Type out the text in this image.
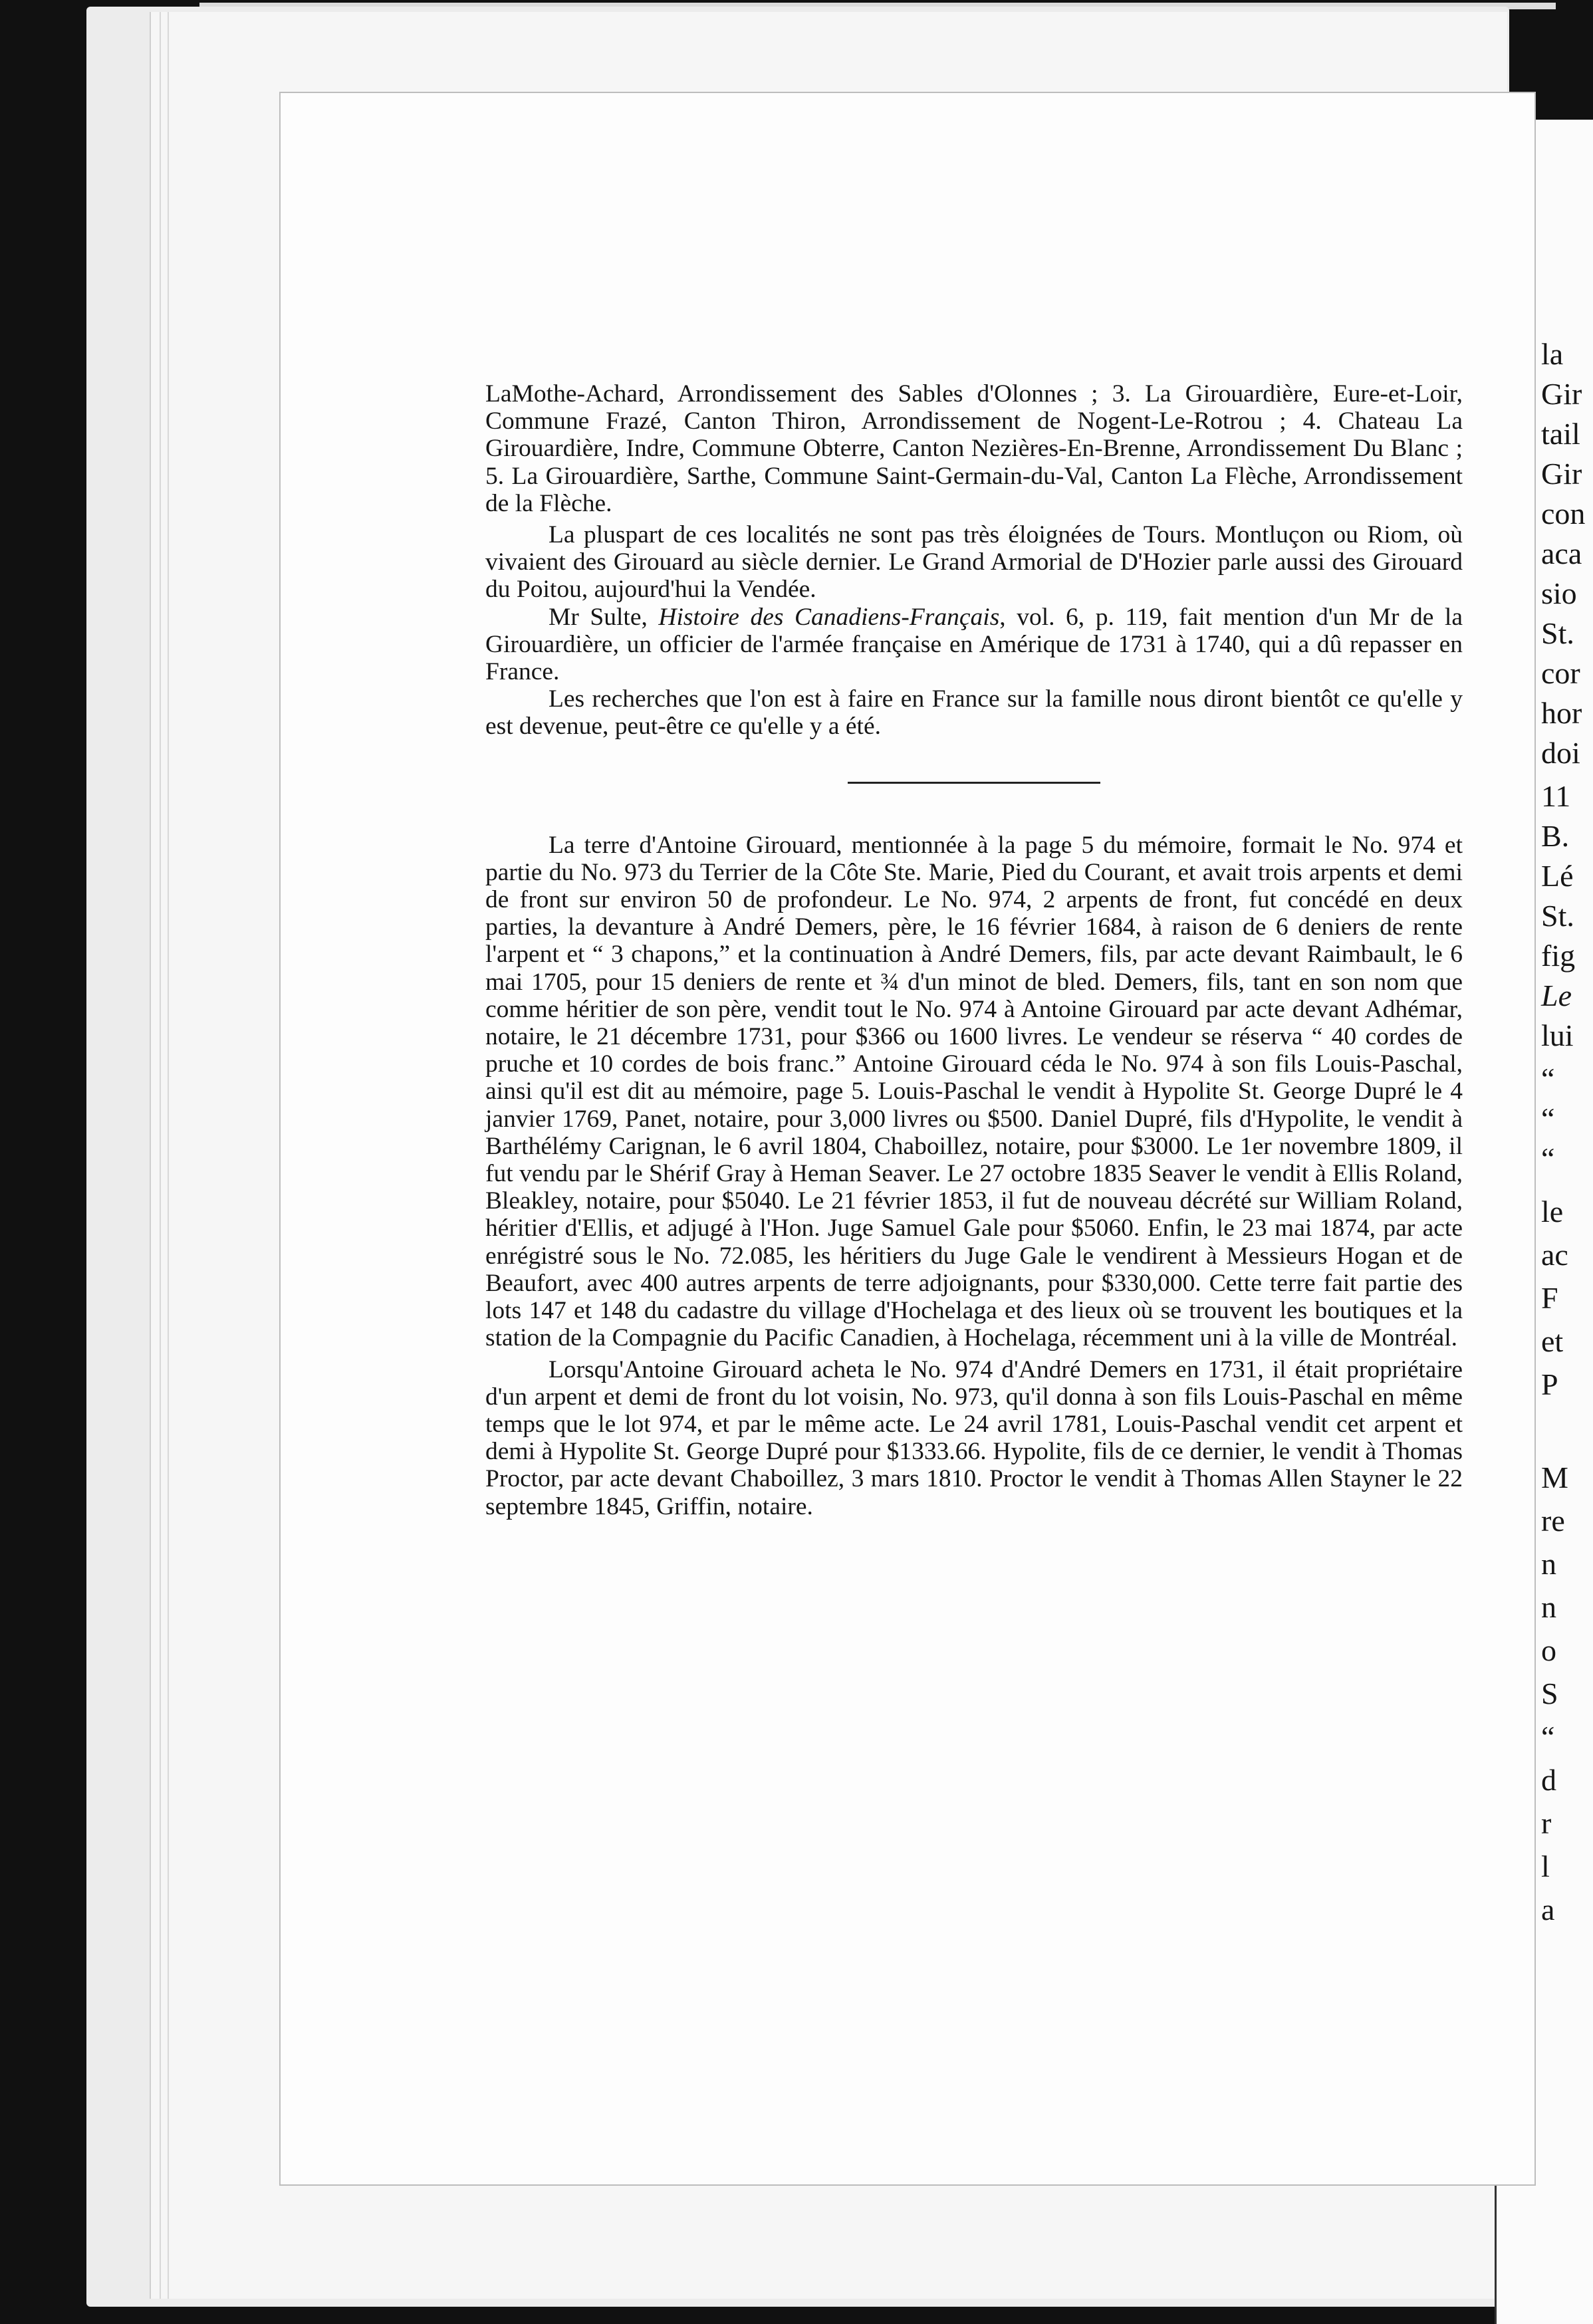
LaMothe-Achard, Arrondissement des Sables d'Olonnes ; 3. La Girouardière, Eure-et-Loir, Commune Frazé, Canton Thiron, Arrondissement de Nogent-Le-Rotrou ; 4. Chateau La Girouardière, Indre, Commune Obterre, Canton Nezières-En-Brenne, Arrondissement Du Blanc ; 5. La Girouardière, Sarthe, Commune Saint-Germain-du-Val, Canton La Flèche, Arrondissement de la Flèche.

La pluspart de ces localités ne sont pas très éloignées de Tours. Montluçon ou Riom, où vivaient des Girouard au siècle dernier. Le Grand Armorial de D'Hozier parle aussi des Girouard du Poitou, aujourd'hui la Vendée.

Mr Sulte, Histoire des Canadiens-Français, vol. 6, p. 119, fait mention d'un Mr de la Girouardière, un officier de l'armée française en Amérique de 1731 à 1740, qui a dû repasser en France.

Les recherches que l'on est à faire en France sur la famille nous diront bientôt ce qu'elle y est devenue, peut-être ce qu'elle y a été.

La terre d'Antoine Girouard, mentionnée à la page 5 du mémoire, formait le No. 974 et partie du No. 973 du Terrier de la Côte Ste. Marie, Pied du Courant, et avait trois arpents et demi de front sur environ 50 de profondeur. Le No. 974, 2 arpents de front, fut concédé en deux parties, la devanture à André Demers, père, le 16 février 1684, à raison de 6 deniers de rente l'arpent et “ 3 chapons,” et la continuation à André Demers, fils, par acte devant Raimbault, le 6 mai 1705, pour 15 deniers de rente et ¾ d'un minot de bled. Demers, fils, tant en son nom que comme héritier de son père, vendit tout le No. 974 à Antoine Girouard par acte devant Adhémar, notaire, le 21 décembre 1731, pour $366 ou 1600 livres. Le vendeur se réserva “ 40 cordes de pruche et 10 cordes de bois franc.” Antoine Girouard céda le No. 974 à son fils Louis-Paschal, ainsi qu'il est dit au mémoire, page 5. Louis-Paschal le vendit à Hypolite St. George Dupré le 4 janvier 1769, Panet, notaire, pour 3,000 livres ou $500. Daniel Dupré, fils d'Hypolite, le vendit à Barthélémy Carignan, le 6 avril 1804, Chaboillez, notaire, pour $3000. Le 1er novembre 1809, il fut vendu par le Shérif Gray à Heman Seaver. Le 27 octobre 1835 Seaver le vendit à Ellis Roland, Bleakley, notaire, pour $5040. Le 21 février 1853, il fut de nouveau décrété sur William Roland, héritier d'Ellis, et adjugé à l'Hon. Juge Samuel Gale pour $5060. Enfin, le 23 mai 1874, par acte enrégistré sous le No. 72.085, les héritiers du Juge Gale le vendirent à Messieurs Hogan et de Beaufort, avec 400 autres arpents de terre adjoignants, pour $330,000. Cette terre fait partie des lots 147 et 148 du cadastre du village d'Hochelaga et des lieux où se trouvent les boutiques et la station de la Compagnie du Pacific Canadien, à Hochelaga, récemment uni à la ville de Montréal.

Lorsqu'Antoine Girouard acheta le No. 974 d'André Demers en 1731, il était propriétaire d'un arpent et demi de front du lot voisin, No. 973, qu'il donna à son fils Louis-Paschal en même temps que le lot 974, et par le même acte. Le 24 avril 1781, Louis-Paschal vendit cet arpent et demi à Hypolite St. George Dupré pour $1333.66. Hypolite, fils de ce dernier, le vendit à Thomas Proctor, par acte devant Chaboillez, 3 mars 1810. Proctor le vendit à Thomas Allen Stayner le 22 septembre 1845, Griffin, notaire.

la
Gir
tail
Gir
con
aca
sio
St.
cor
hor
doi
11
B.
Lé
St.
fig
Le
lui
“
“
“
le
ac
F
et
P
M
re
n
n
o
S
“
d
r
l
a
